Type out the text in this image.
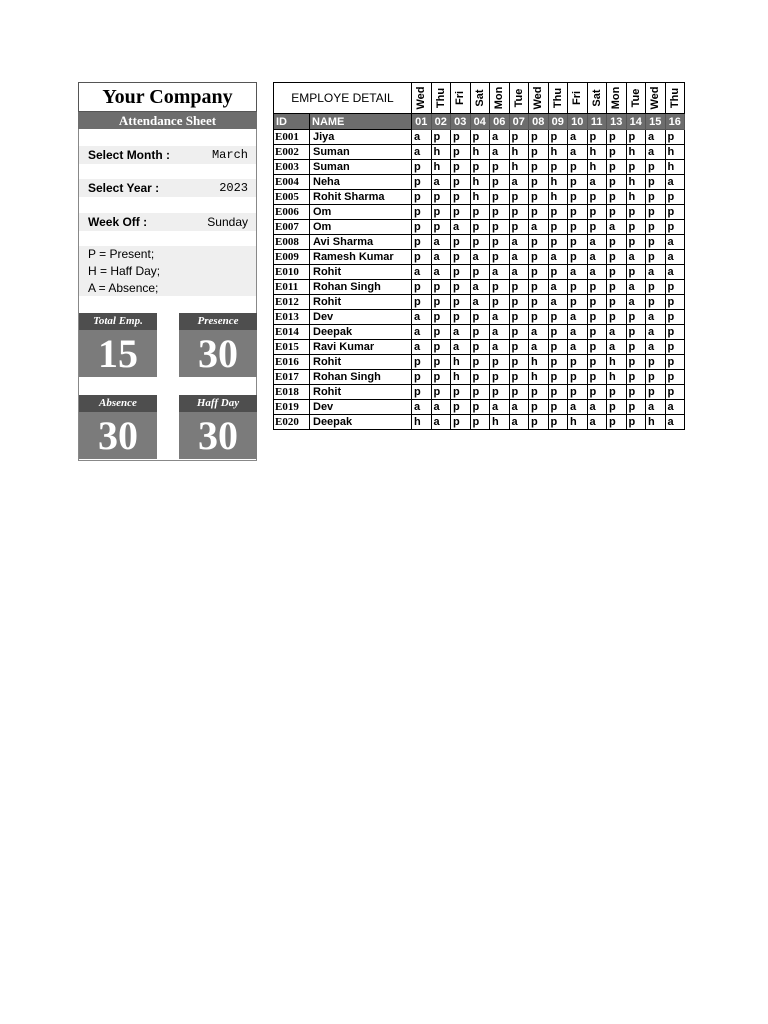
Your Company
Attendance Sheet
Select Month :	March
Select Year :	2023
Week Off :	Sunday
P = Present;
H = Haff Day;
A = Absence;
Total Emp.
15
Presence
30
Absence
30
Haff Day
30
EMPLOYE DETAIL		Wed	Thu	Fri	Sat	Mon	Tue	Wed	Thu	Fri	Sat	Mon	Tue	Wed	Thu

ID	NAME	01	02	03	04	06	07	08	09	10	11	13	14	15	16
E001	Jiya	a	p	p	p	a	p	p	p	a	p	p	p	a	p
E002	Suman	a	h	p	h	a	h	p	h	a	h	p	h	a	h
E003	Suman	p	h	p	p	p	h	p	p	p	h	p	p	p	h
E004	Neha	p	a	p	h	p	a	p	h	p	a	p	h	p	a
E005	Rohit Sharma	p	p	p	h	p	p	p	h	p	p	p	h	p	p
E006	Om	p	p	p	p	p	p	p	p	p	p	p	p	p	p
E007	Om	p	p	a	p	p	p	a	p	p	p	a	p	p	p
E008	Avi Sharma	p	a	p	p	p	a	p	p	p	a	p	p	p	a
E009	Ramesh Kumar	p	a	p	a	p	a	p	a	p	a	p	a	p	a
E010	Rohit	a	a	p	p	a	a	p	p	a	a	p	p	a	a
E011	Rohan Singh	p	p	p	a	p	p	p	a	p	p	p	a	p	p
E012	Rohit	p	p	p	a	p	p	p	a	p	p	p	a	p	p
E013	Dev	a	p	p	p	a	p	p	p	a	p	p	p	a	p
E014	Deepak	a	p	a	p	a	p	a	p	a	p	a	p	a	p
E015	Ravi Kumar	a	p	a	p	a	p	a	p	a	p	a	p	a	p
E016	Rohit	p	p	h	p	p	p	h	p	p	p	h	p	p	p
E017	Rohan Singh	p	p	h	p	p	p	h	p	p	p	h	p	p	p
E018	Rohit	p	p	p	p	p	p	p	p	p	p	p	p	p	p
E019	Dev	a	a	p	p	a	a	p	p	a	a	p	p	a	a
E020	Deepak	h	a	p	p	h	a	p	p	h	a	p	p	h	a
